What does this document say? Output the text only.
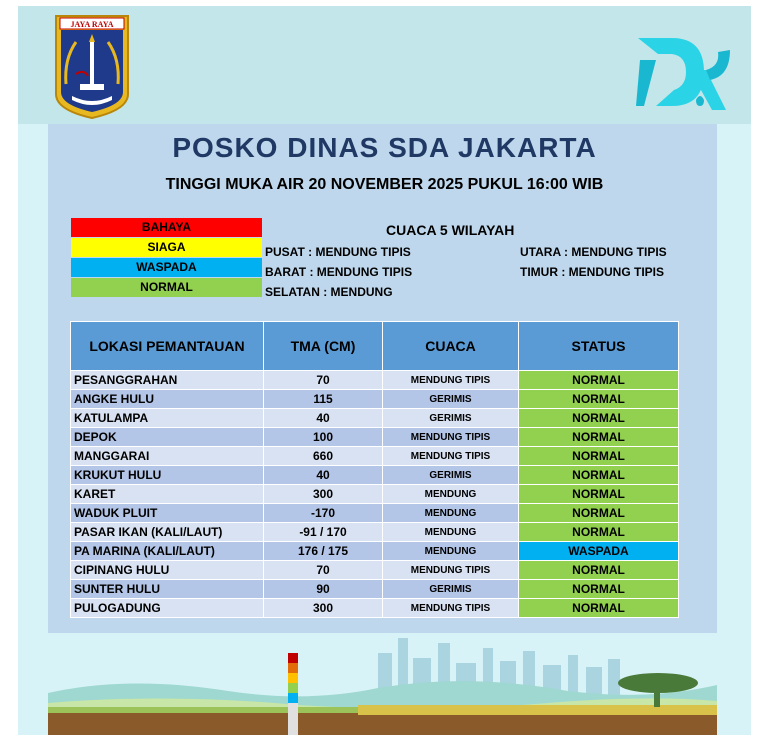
JAYA RAYA
POSKO DINAS SDA JAKARTA
TINGGI MUKA AIR 20 NOVEMBER 2025 PUKUL 16:00 WIB
BAHAYA
SIAGA
WASPADA
NORMAL
CUACA 5 WILAYAH
PUSAT : MENDUNG TIPIS
BARAT : MENDUNG TIPIS
SELATAN : MENDUNG
UTARA : MENDUNG TIPIS
TIMUR : MENDUNG TIPIS
LOKASI PEMANTAUAN	TMA (CM)	CUACA	STATUS
PESANGGRAHAN	70	MENDUNG TIPIS	NORMAL
ANGKE HULU	115	GERIMIS	NORMAL
KATULAMPA	40	GERIMIS	NORMAL
DEPOK	100	MENDUNG TIPIS	NORMAL
MANGGARAI	660	MENDUNG TIPIS	NORMAL
KRUKUT HULU	40	GERIMIS	NORMAL
KARET	300	MENDUNG	NORMAL
WADUK PLUIT	-170	MENDUNG	NORMAL
PASAR IKAN (KALI/LAUT)	-91 / 170	MENDUNG	NORMAL
PA MARINA (KALI/LAUT)	176 / 175	MENDUNG	WASPADA
CIPINANG HULU	70	MENDUNG TIPIS	NORMAL
SUNTER HULU	90	GERIMIS	NORMAL
PULOGADUNG	300	MENDUNG TIPIS	NORMAL
